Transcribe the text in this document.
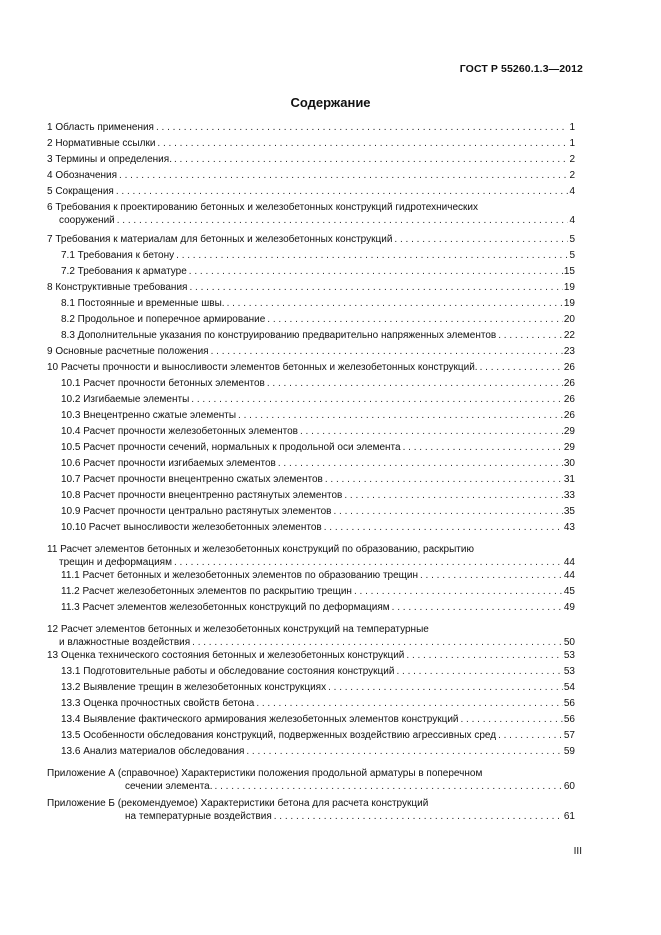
ГОСТ Р 55260.1.3—2012
Содержание
1 Область применения . . .	1
2 Нормативные ссылки . . .	1
3 Термины и определения. . . .	2
4 Обозначения . . .	2
5 Сокращения . . .	4
6 Требования к проектированию бетонных и железобетонных конструкций гидротехнических
сооружений . . .	4
7 Требования к материалам для бетонных и железобетонных конструкций . . .	5
7.1 Требования к бетону . . .	5
7.2 Требования к арматуре . . .	15
8 Конструктивные требования . . .	19
8.1 Постоянные и временные швы. . . .	19
8.2 Продольное и поперечное армирование . . .	20
8.3 Дополнительные указания по конструированию предварительно напряженных элементов . . .	22
9 Основные расчетные положения . . .	23
10 Расчеты прочности и выносливости элементов бетонных и железобетонных конструкций. . . .	26
10.1 Расчет прочности бетонных элементов . . .	26
10.2 Изгибаемые элементы . . .	26
10.3 Внецентренно сжатые элементы . . .	26
10.4 Расчет прочности железобетонных элементов . . .	29
10.5 Расчет прочности сечений, нормальных к продольной оси элемента . . .	29
10.6 Расчет прочности изгибаемых элементов . . .	30
10.7 Расчет прочности внецентренно сжатых элементов . . .	31
10.8 Расчет прочности внецентренно растянутых элементов . . .	33
10.9 Расчет прочности центрально растянутых элементов . . .	35
10.10 Расчет выносливости железобетонных элементов . . .	43
11 Расчет элементов бетонных и железобетонных конструкций по образованию, раскрытию
трещин и деформациям . . .	44
11.1 Расчет бетонных и железобетонных элементов по образованию трещин . . .	44
11.2 Расчет железобетонных элементов по раскрытию трещин . . .	45
11.3 Расчет элементов железобетонных конструкций по деформациям . . .	49
12 Расчет элементов бетонных и железобетонных конструкций на температурные
и влажностные воздействия . . .	50
13 Оценка технического состояния бетонных и железобетонных конструкций . . .	53
13.1 Подготовительные работы и обследование состояния конструкций . . .	53
13.2 Выявление трещин в железобетонных конструкциях . . .	54
13.3 Оценка прочностных свойств бетона . . .	56
13.4 Выявление фактического армирования железобетонных элементов конструкций . . .	56
13.5 Особенности обследования конструкций, подверженных воздействию агрессивных сред . . .	57
13.6 Анализ материалов обследования . . .	59
Приложение А (справочное) Характеристики положения продольной арматуры в поперечном
сечении элемента. . . .	60
Приложение Б (рекомендуемое) Характеристики бетона для расчета конструкций
на температурные воздействия . . .	61
III
